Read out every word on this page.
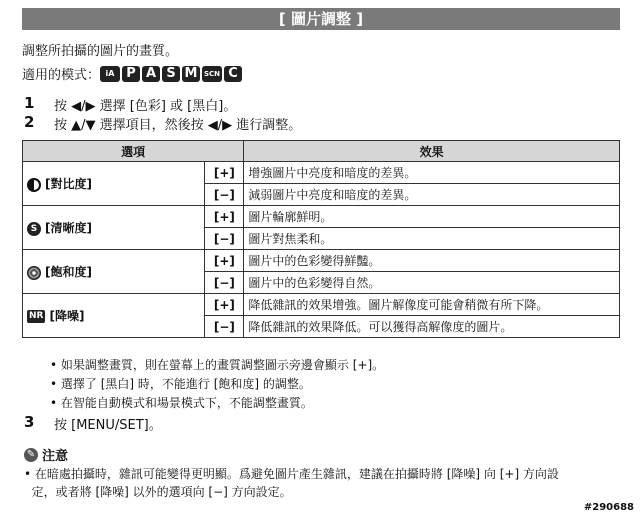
[ 圖片調整 ]
調整所拍攝的圖片的畫質。
適用的模式： iA P A S M SCN C
1 按 ◀/▶ 選擇 [色彩] 或 [黑白]。
2 按 ▲/▼ 選擇項目，然後按 ◀/▶ 進行調整。
選項		效果
[對比度]	[+]	增強圖片中亮度和暗度的差異。
	[−]	減弱圖片中亮度和暗度的差異。
S [清晰度]	[+]	圖片輪廓鮮明。
	[−]	圖片對焦柔和。
[飽和度]	[+]	圖片中的色彩變得鮮豔。
	[−]	圖片中的色彩變得自然。
NR [降噪]	[+]	降低雜訊的效果增強。圖片解像度可能會稍微有所下降。
	[−]	降低雜訊的效果降低。可以獲得高解像度的圖片。
• 如果調整畫質，則在螢幕上的畫質調整圖示旁邊會顯示 [+]。
• 選擇了 [黑白] 時，不能進行 [飽和度] 的調整。
• 在智能自動模式和場景模式下，不能調整畫質。
3 按 [MENU/SET]。
✎ 注意
• 在暗處拍攝時，雜訊可能變得更明顯。爲避免圖片產生雜訊，建議在拍攝時將 [降噪] 向 [+] 方向設
定，或者將 [降噪] 以外的選項向 [−] 方向設定。
#290688
